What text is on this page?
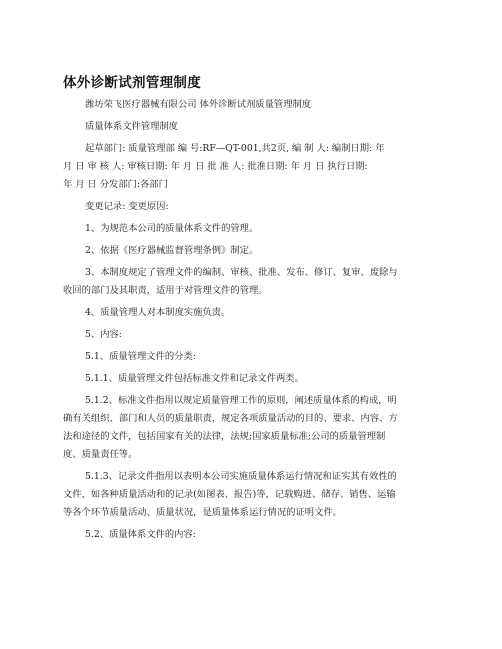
体外诊断试剂管理制度

潍坊荣飞医疗器械有限公司 体外诊断试剂质量管理制度

质量体系文件管理制度

起草部门: 质量管理部 编 号:RF—QT-001,共2页, 编 制 人: 编制日期: 年
月 日 审 核 人: 审核日期: 年 月 日 批 准 人: 批准日期: 年 月 日 执行日期:
年 月 日 分发部门:各部门

变更记录: 变更原因:

1、为规范本公司的质量体系文件的管理。

2、依据《医疗器械监督管理条例》制定。

3、本制度规定了管理文件的编制、审核、批准、发布、修订、复审、废除与
收回的部门及其职责，适用于对管理文件的管理。

4、质量管理人对本制度实施负责。

5、内容:

5.1、质量管理文件的分类:

5.1.1、质量管理文件包括标准文件和记录文件两类。

5.1.2、标准文件指用以规定质量管理工作的原则，阐述质量体系的构成，明
确有关组织、部门和人员的质量职责，规定各项质量活动的目的、要求、内容、方
法和途径的文件，包括国家有关的法律，法规;国家质量标准;公司的质量管理制
度、质量责任等。

5.1.3、记录文件指用以表明本公司实施质量体系运行情况和证实其有效性的
文件，如各种质量活动和的记录(如图表、报告)等，记载购进、储存、销售、运输
等各个环节质量活动、质量状况，是质量体系运行情况的证明文件。

5.2、质量体系文件的内容:
